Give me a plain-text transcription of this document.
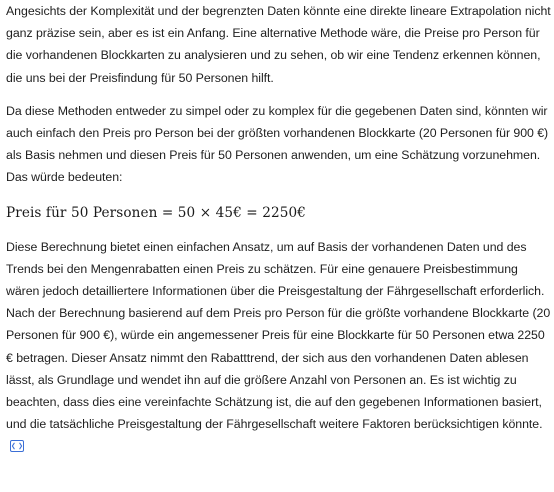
Angesichts der Komplexität und der begrenzten Daten könnte eine direkte lineare Extrapolation nicht ganz präzise sein, aber es ist ein Anfang. Eine alternative Methode wäre, die Preise pro Person für die vorhandenen Blockkarten zu analysieren und zu sehen, ob wir eine Tendenz erkennen können, die uns bei der Preisfindung für 50 Personen hilft.

Da diese Methoden entweder zu simpel oder zu komplex für die gegebenen Daten sind, könnten wir auch einfach den Preis pro Person bei der größten vorhandenen Blockkarte (20 Personen für 900 €) als Basis nehmen und diesen Preis für 50 Personen anwenden, um eine Schätzung vorzunehmen. Das würde bedeuten:

Preis für 50 Personen = 50 × 45€ = 2250€

Diese Berechnung bietet einen einfachen Ansatz, um auf Basis der vorhandenen Daten und des Trends bei den Mengenrabatten einen Preis zu schätzen. Für eine genauere Preisbestimmung wären jedoch detailliertere Informationen über die Preisgestaltung der Fährgesellschaft erforderlich.

Nach der Berechnung basierend auf dem Preis pro Person für die größte vorhandene Blockkarte (20 Personen für 900 €), würde ein angemessener Preis für eine Blockkarte für 50 Personen etwa 2250 € betragen. Dieser Ansatz nimmt den Rabatttrend, der sich aus den vorhandenen Daten ablesen lässt, als Grundlage und wendet ihn auf die größere Anzahl von Personen an. Es ist wichtig zu beachten, dass dies eine vereinfachte Schätzung ist, die auf den gegebenen Informationen basiert, und die tatsächliche Preisgestaltung der Fährgesellschaft weitere Faktoren berücksichtigen könnte.
